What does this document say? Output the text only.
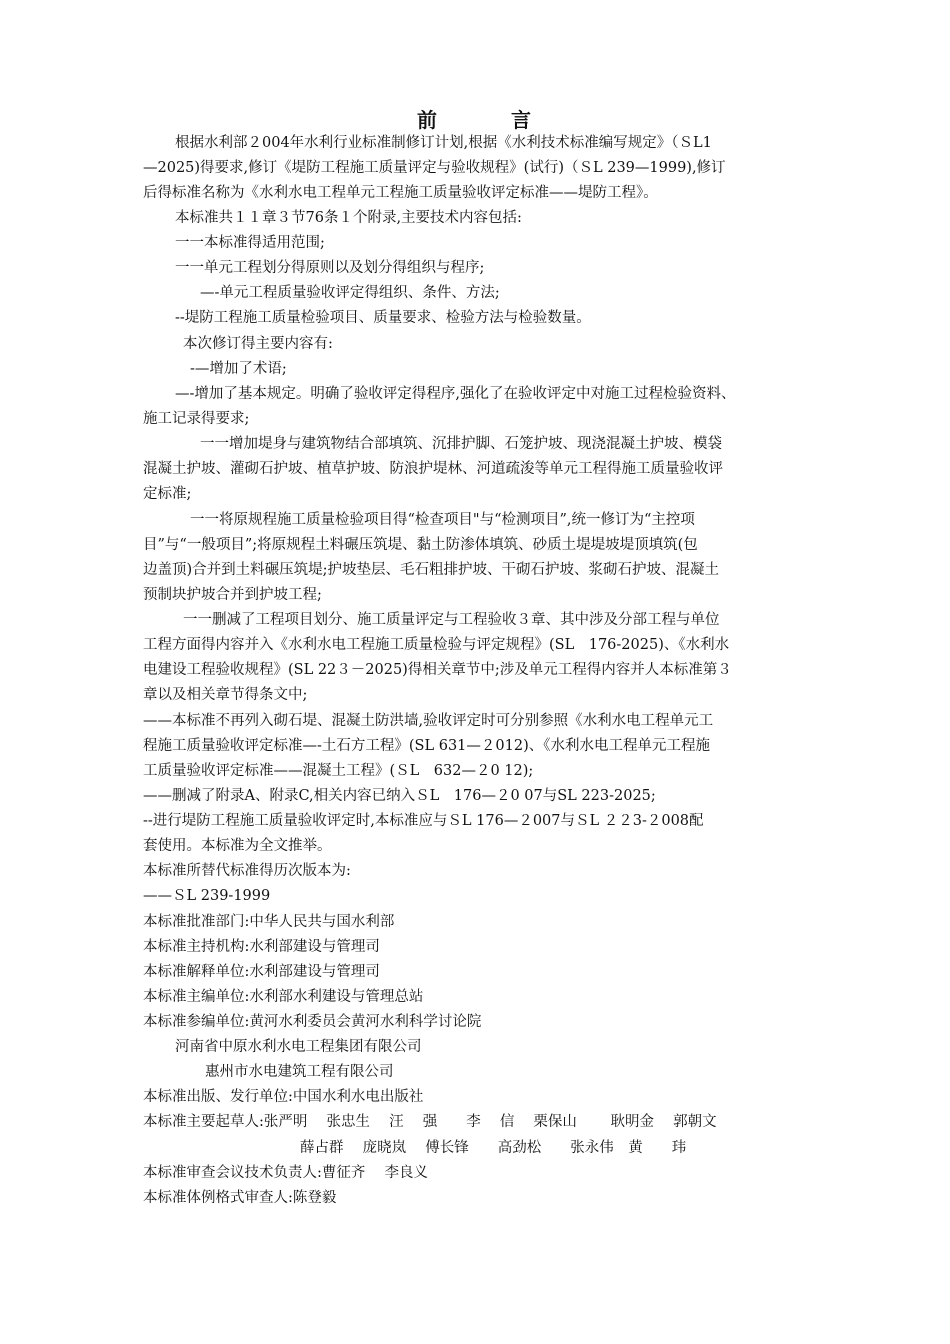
前	言
根据水利部２004年水利行业标准制修订计划,根据《水利技术标准编写规定》（ＳL1
—2025)得要求,修订《堤防工程施工质量评定与验收规程》(试行)（ＳL 239—1999),修订
后得标准名称为《水利水电工程单元工程施工质量验收评定标准——堤防工程》。
本标准共１１章３节76条１个附录,主要技术内容包括:
一一本标准得适用范围;
一一单元工程划分得原则以及划分得组织与程序;
—-单元工程质量验收评定得组织、条件、方法;
--堤防工程施工质量检验项目、质量要求、检验方法与检验数量。
本次修订得主要内容有:
-—增加了术语;
—-增加了基本规定。明确了验收评定得程序,强化了在验收评定中对施工过程检验资料、
施工记录得要求;
一一增加堤身与建筑物结合部填筑、沉排护脚、石笼护坡、现浇混凝土护坡、模袋
混凝土护坡、灌砌石护坡、植草护坡、防浪护堤林、河道疏浚等单元工程得施工质量验收评
定标准;
一一将原规程施工质量检验项目得“检查项目"与“检测项目”,统一修订为“主控项
目”与“一般项目”;将原规程土料碾压筑堤、黏土防渗体填筑、砂质土堤堤坡堤顶填筑(包
边盖顶)合并到土料碾压筑堤;护坡垫层、毛石粗排护坡、干砌石护坡、浆砌石护坡、混凝土
预制块护坡合并到护坡工程;
一一删减了工程项目划分、施工质量评定与工程验收３章、其中涉及分部工程与单位
工程方面得内容并入《水利水电工程施工质量检验与评定规程》(SL　176-2025)、《水利水
电建设工程验收规程》(SL 22３－2025)得相关章节中;涉及单元工程得内容并人本标准第３
章以及相关章节得条文中;
——本标准不再列入砌石堤、混凝土防洪墙,验收评定时可分别参照《水利水电工程单元工
程施工质量验收评定标准—-土石方工程》(SL 631—２012)、《水利水电工程单元工程施
工质量验收评定标准——混凝土工程》(ＳL　632—２0 12);
——删减了附录A、附录C,相关内容已纳入ＳL　176—２0 07与SL 223-2025;
--进行堤防工程施工质量验收评定时,本标准应与ＳL 176—２007与ＳL ２２3-２008配
套使用。本标准为全文推举。
本标准所替代标准得历次版本为:
——ＳL 239-1999
本标准批准部门:中华人民共与国水利部
本标准主持机构:水利部建设与管理司
本标准解释单位:水利部建设与管理司
本标准主编单位:水利部水利建设与管理总站
本标准参编单位:黄河水利委员会黄河水利科学讨论院
河南省中原水利水电工程集团有限公司
惠州市水电建筑工程有限公司
本标准出版、发行单位:中国水利水电出版社
本标准主要起草人:张严明　 张忠生　 汪　 强　　李　 信　 栗保山　　 耿明金　 郭朝文
薛占群　 庞晓岚　 傅长锋　　高劲松　　张永伟　黄　　玮
本标准审查会议技术负责人:曹征齐　 李良义
本标准体例格式审查人:陈登毅
